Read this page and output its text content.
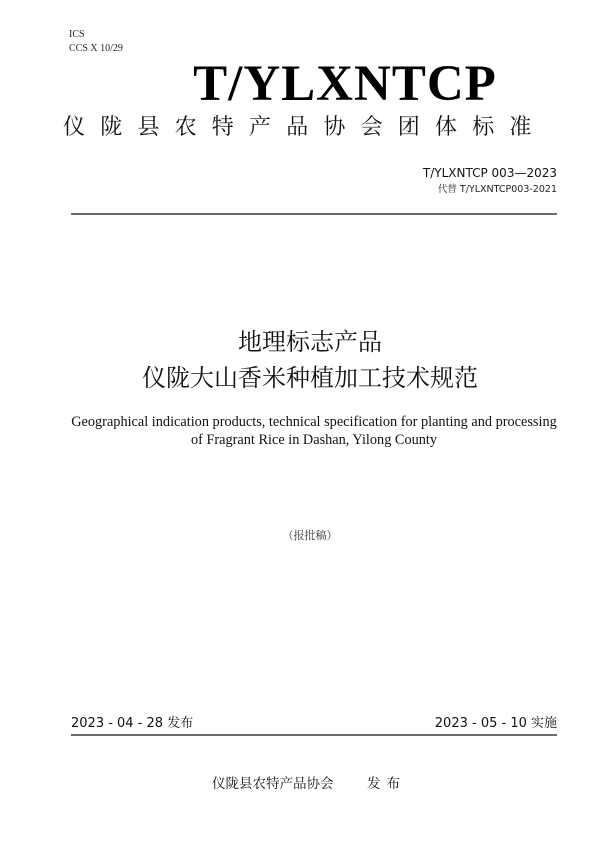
ICS
CCS X 10/29
T/YLXNTCP
仪陇县农特产品协会团体标准
T/YLXNTCP 003—2023
代替 T/YLXNTCP003-2021
地理标志产品
仪陇大山香米种植加工技术规范
Geographical indication products, technical specification for planting and processing
of Fragrant Rice in Dashan, Yilong County
（报批稿）
2023 - 04 - 28 发布	2023 - 05 - 10 实施
仪陇县农特产品协会 发布
